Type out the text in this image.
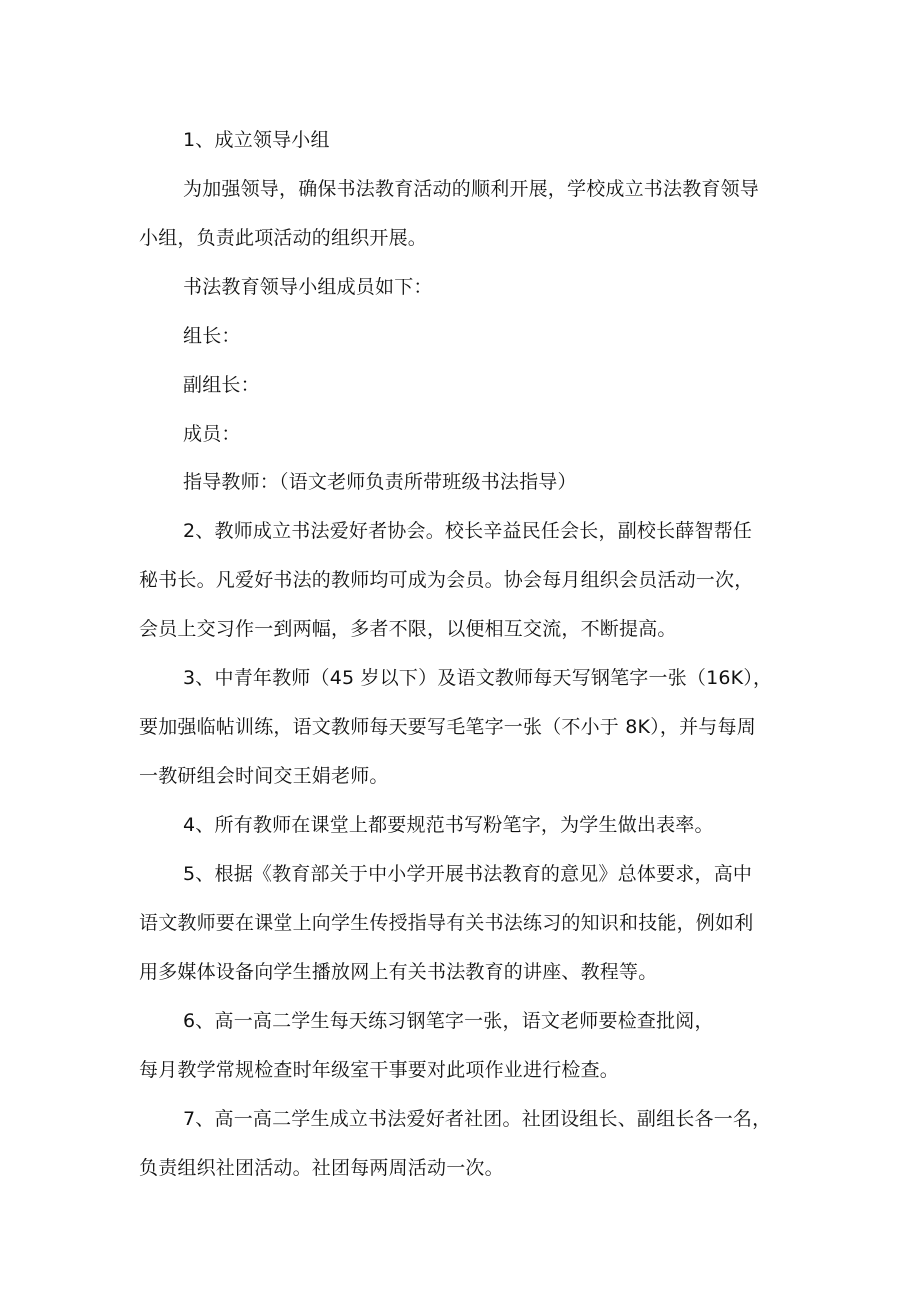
1、成立领导小组

为加强领导，确保书法教育活动的顺利开展，学校成立书法教育领导

小组，负责此项活动的组织开展。

书法教育领导小组成员如下：

组长：

副组长：

成员：

指导教师：（语文老师负责所带班级书法指导）

2、教师成立书法爱好者协会。校长辛益民任会长，副校长薛智帮任

秘书长。凡爱好书法的教师均可成为会员。协会每月组织会员活动一次，

会员上交习作一到两幅，多者不限，以便相互交流，不断提高。

3、中青年教师（45 岁以下）及语文教师每天写钢笔字一张（16K），

要加强临帖训练，语文教师每天要写毛笔字一张（不小于 8K），并与每周

一教研组会时间交王娟老师。

4、所有教师在课堂上都要规范书写粉笔字，为学生做出表率。

5、根据《教育部关于中小学开展书法教育的意见》总体要求，高中

语文教师要在课堂上向学生传授指导有关书法练习的知识和技能，例如利

用多媒体设备向学生播放网上有关书法教育的讲座、教程等。

6、高一高二学生每天练习钢笔字一张，语文老师要检查批阅，

每月教学常规检查时年级室干事要对此项作业进行检查。

7、高一高二学生成立书法爱好者社团。社团设组长、副组长各一名，

负责组织社团活动。社团每两周活动一次。
